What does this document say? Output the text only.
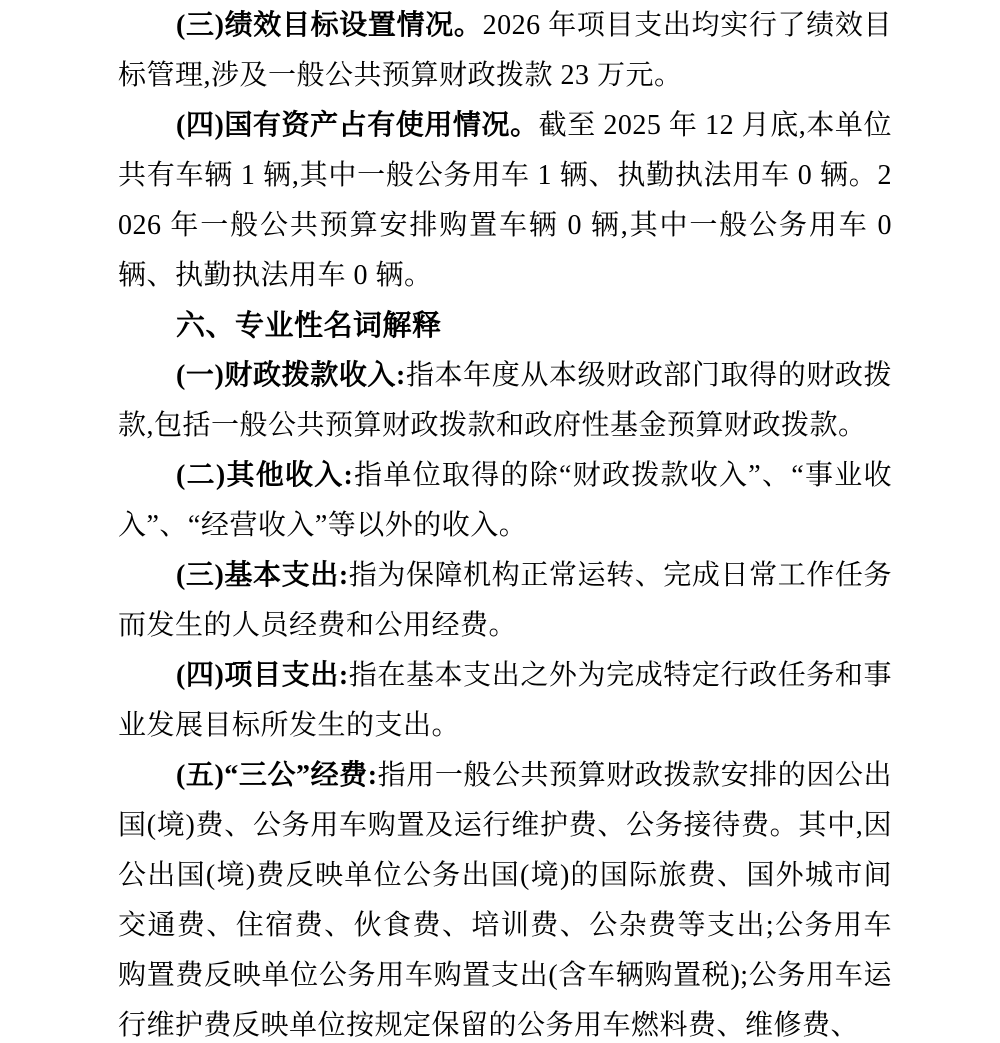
(三)绩效目标设置情况。2026 年项目支出均实行了绩效目标管理,涉及一般公共预算财政拨款 23 万元。

(四)国有资产占有使用情况。截至 2025 年 12 月底,本单位共有车辆 1 辆,其中一般公务用车 1 辆、执勤执法用车 0 辆。2026 年一般公共预算安排购置车辆 0 辆,其中一般公务用车 0 辆、执勤执法用车 0 辆。

六、专业性名词解释

(一)财政拨款收入:指本年度从本级财政部门取得的财政拨款,包括一般公共预算财政拨款和政府性基金预算财政拨款。

(二)其他收入:指单位取得的除“财政拨款收入”、“事业收入”、“经营收入”等以外的收入。

(三)基本支出:指为保障机构正常运转、完成日常工作任务而发生的人员经费和公用经费。

(四)项目支出:指在基本支出之外为完成特定行政任务和事业发展目标所发生的支出。

(五)“三公”经费:指用一般公共预算财政拨款安排的因公出国(境)费、公务用车购置及运行维护费、公务接待费。其中,因公出国(境)费反映单位公务出国(境)的国际旅费、国外城市间交通费、住宿费、伙食费、培训费、公杂费等支出;公务用车购置费反映单位公务用车购置支出(含车辆购置税);公务用车运行维护费反映单位按规定保留的公务用车燃料费、维修费、
